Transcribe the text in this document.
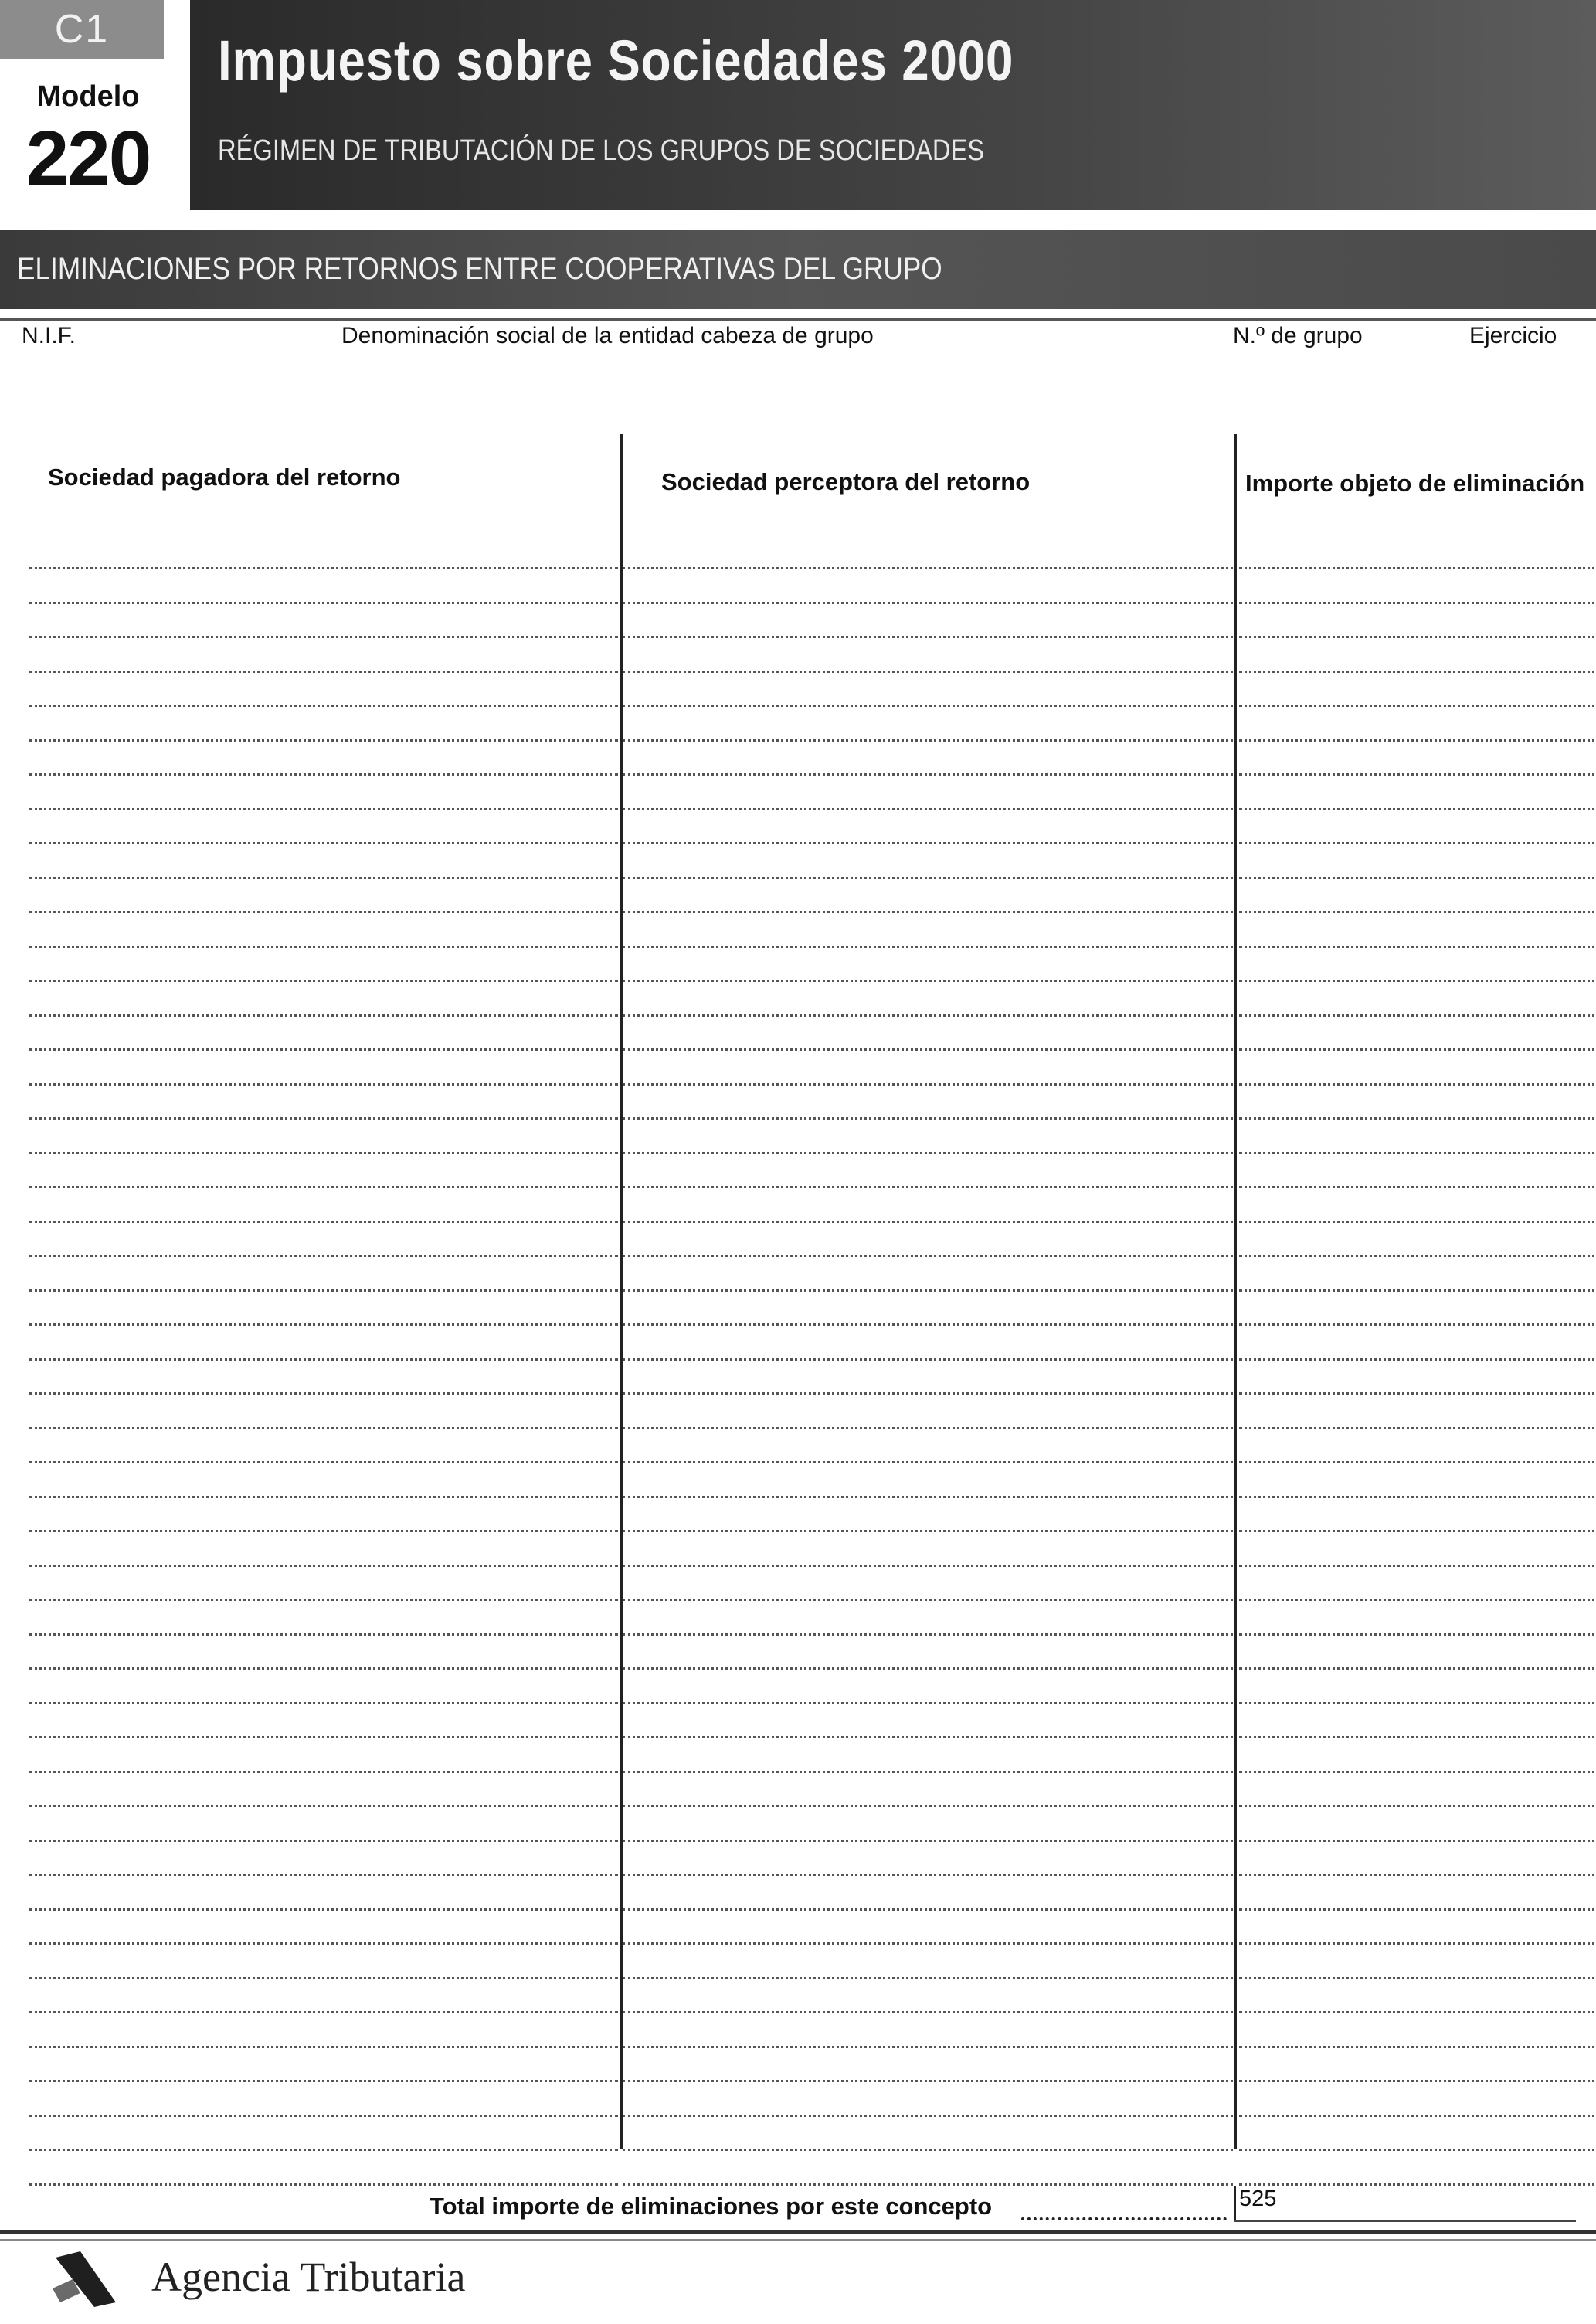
C1
Modelo
220
Impuesto sobre Sociedades 2000
RÉGIMEN DE TRIBUTACIÓN DE LOS GRUPOS DE SOCIEDADES
ELIMINACIONES POR RETORNOS ENTRE COOPERATIVAS DEL GRUPO
N.I.F.	Denominación social de la entidad cabeza de grupo	N.º de grupo	Ejercicio
Sociedad pagadora del retorno	Sociedad perceptora del retorno	Importe objeto de eliminación
Total importe de eliminaciones por este concepto	525
Agencia Tributaria
